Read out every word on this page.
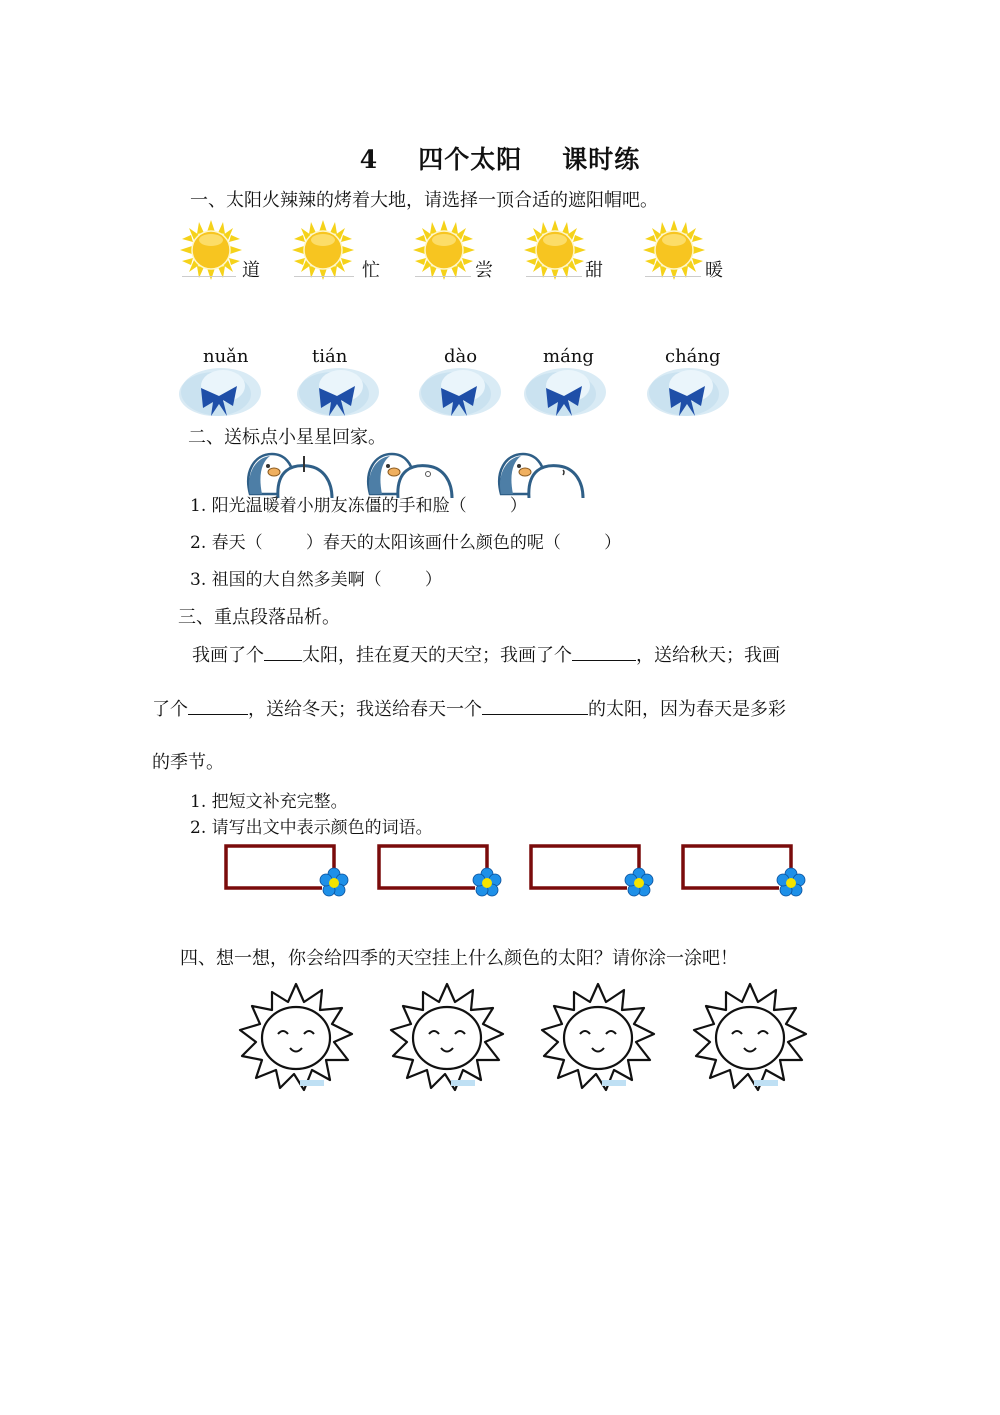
4 四个太阳 课时练
一、太阳火辣辣的烤着大地，请选择一顶合适的遮阳帽吧。
道	忙	尝	甜	暖
nuǎn	tián	dào	máng	cháng
二、送标点小星星回家。
1. 阳光温暖着小朋友冻僵的手和脸（        ）
2. 春天（        ）春天的太阳该画什么颜色的呢（        ）
3. 祖国的大自然多美啊（        ）
三、重点段落品析。
我画了个 太阳，挂在夏天的天空；我画了个	，送给秋天；我画
了个	，送给冬天；我送给春天一个	的太阳，因为春天是多彩
的季节。
1. 把短文补充完整。
2. 请写出文中表示颜色的词语。
四、想一想，你会给四季的天空挂上什么颜色的太阳？请你涂一涂吧！
